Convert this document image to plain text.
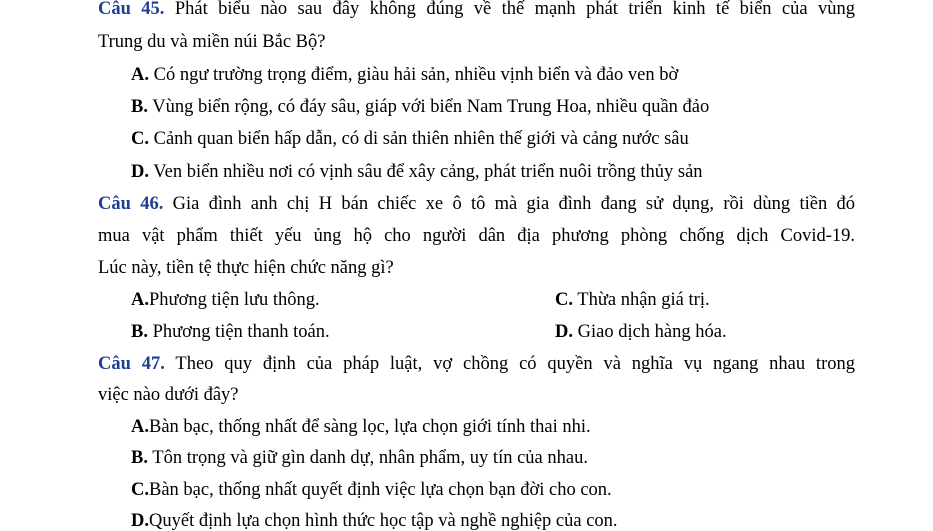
Câu 45. Phát biểu nào sau đây không đúng về thế mạnh phát triển kinh tế biển của vùng
Trung du và miền núi Bắc Bộ?
A. Có ngư trường trọng điểm, giàu hải sản, nhiều vịnh biển và đảo ven bờ
B. Vùng biển rộng, có đáy sâu, giáp với biển Nam Trung Hoa, nhiều quần đảo
C. Cảnh quan biển hấp dẫn, có di sản thiên nhiên thế giới và cảng nước sâu
D. Ven biển nhiều nơi có vịnh sâu để xây cảng, phát triển nuôi trồng thủy sản
Câu 46. Gia đình anh chị H bán chiếc xe ô tô mà gia đình đang sử dụng, rồi dùng tiền đó
mua vật phẩm thiết yếu ủng hộ cho người dân địa phương phòng chống dịch Covid-19.
Lúc này, tiền tệ thực hiện chức năng gì?
A.Phương tiện lưu thông.	C. Thừa nhận giá trị.
B. Phương tiện thanh toán.	D. Giao dịch hàng hóa.
Câu 47. Theo quy định của pháp luật, vợ chồng có quyền và nghĩa vụ ngang nhau trong
việc nào dưới đây?
A.Bàn bạc, thống nhất để sàng lọc, lựa chọn giới tính thai nhi.
B. Tôn trọng và giữ gìn danh dự, nhân phẩm, uy tín của nhau.
C.Bàn bạc, thống nhất quyết định việc lựa chọn bạn đời cho con.
D.Quyết định lựa chọn hình thức học tập và nghề nghiệp của con.
